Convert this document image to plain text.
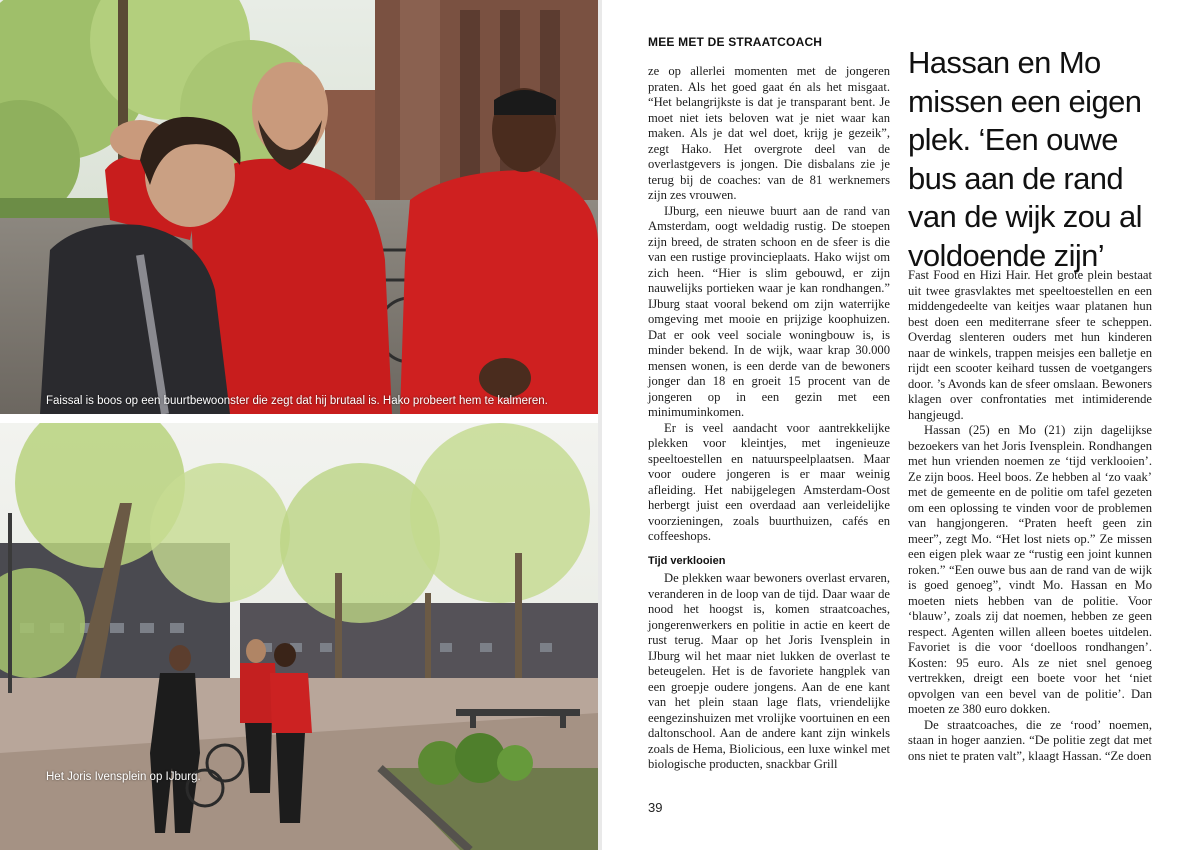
Faissal is boos op een buurtbewoonster die zegt dat hij brutaal is. Hako probeert hem te kalmeren.
Het Joris Ivensplein op IJburg.
MEE MET DE STRAATCOACH

ze op allerlei momenten met de jongeren praten. Als het goed gaat én als het misgaat. “Het belangrijkste is dat je transparant bent. Je moet niet iets beloven wat je niet waar kan maken. Als je dat wel doet, krijg je gezeik”, zegt Hako. Het overgrote deel van de overlastgevers is jongen. Die disbalans zie je terug bij de coaches: van de 81 werknemers zijn zes vrouwen.

IJburg, een nieuwe buurt aan de rand van Amsterdam, oogt weldadig rustig. De stoepen zijn breed, de straten schoon en de sfeer is die van een rustige provincieplaats. Hako wijst om zich heen. “Hier is slim gebouwd, er zijn nauwelijks portieken waar je kan rondhangen.” IJburg staat vooral bekend om zijn waterrijke omgeving met mooie en prijzige koophuizen. Dat er ook veel sociale woningbouw is, is minder bekend. In de wijk, waar krap 30.000 mensen wonen, is een derde van de bewoners jonger dan 18 en groeit 15 procent van de jongeren op in een gezin met een minimuminkomen.

Er is veel aandacht voor aantrekkelijke plekken voor kleintjes, met ingenieuze speeltoestellen en natuurspeelplaatsen. Maar voor oudere jongeren is er maar weinig afleiding. Het nabijgelegen Amsterdam-Oost herbergt juist een overdaad aan verleidelijke voorzieningen, zoals buurthuizen, cafés en coffeeshops.

Tijd verklooien

De plekken waar bewoners overlast ervaren, veranderen in de loop van de tijd. Daar waar de nood het hoogst is, komen straatcoaches, jongerenwerkers en politie in actie en keert de rust terug. Maar op het Joris Ivensplein in IJburg wil het maar niet lukken de overlast te beteugelen. Het is de favoriete hangplek van een groepje oudere jongens. Aan de ene kant van het plein staan lage flats, vriendelijke eengezinshuizen met vrolijke voortuinen en een daltonschool. Aan de andere kant zijn winkels zoals de Hema, Biolicious, een luxe winkel met biologische producten, snackbar Grill

Hassan en Mo missen een eigen plek. ‘Een ouwe bus aan de rand van de wijk zou al voldoende zijn’

Fast Food en Hizi Hair. Het grote plein bestaat uit twee grasvlaktes met speeltoestellen en een middengedeelte van keitjes waar platanen hun best doen een mediterrane sfeer te scheppen. Overdag slenteren ouders met hun kinderen naar de winkels, trappen meisjes een balletje en rijdt een scooter keihard tussen de voetgangers door. ’s Avonds kan de sfeer omslaan. Bewoners klagen over confrontaties met intimiderende hangjeugd.

Hassan (25) en Mo (21) zijn dagelijkse bezoekers van het Joris Ivensplein. Rondhangen met hun vrienden noemen ze ‘tijd verklooien’. Ze zijn boos. Heel boos. Ze hebben al ‘zo vaak’ met de gemeente en de politie om tafel gezeten om een oplossing te vinden voor de problemen van hangjongeren. “Praten heeft geen zin meer”, zegt Mo. “Het lost niets op.” Ze missen een eigen plek waar ze “rustig een joint kunnen roken.” “Een ouwe bus aan de rand van de wijk is goed genoeg”, vindt Mo. Hassan en Mo moeten niets hebben van de politie. Voor ‘blauw’, zoals zij dat noemen, hebben ze geen respect. Agenten willen alleen boetes uitdelen. Favoriet is die voor ‘doelloos rondhangen’. Kosten: 95 euro. Als ze niet snel genoeg vertrekken, dreigt een boete voor het ‘niet opvolgen van een bevel van de politie’. Dan moeten ze 380 euro dokken.

De straatcoaches, die ze ‘rood’ noemen, staan in hoger aanzien. “De politie zegt dat met ons niet te praten valt”, klaagt Hassan. “Ze doen

39
